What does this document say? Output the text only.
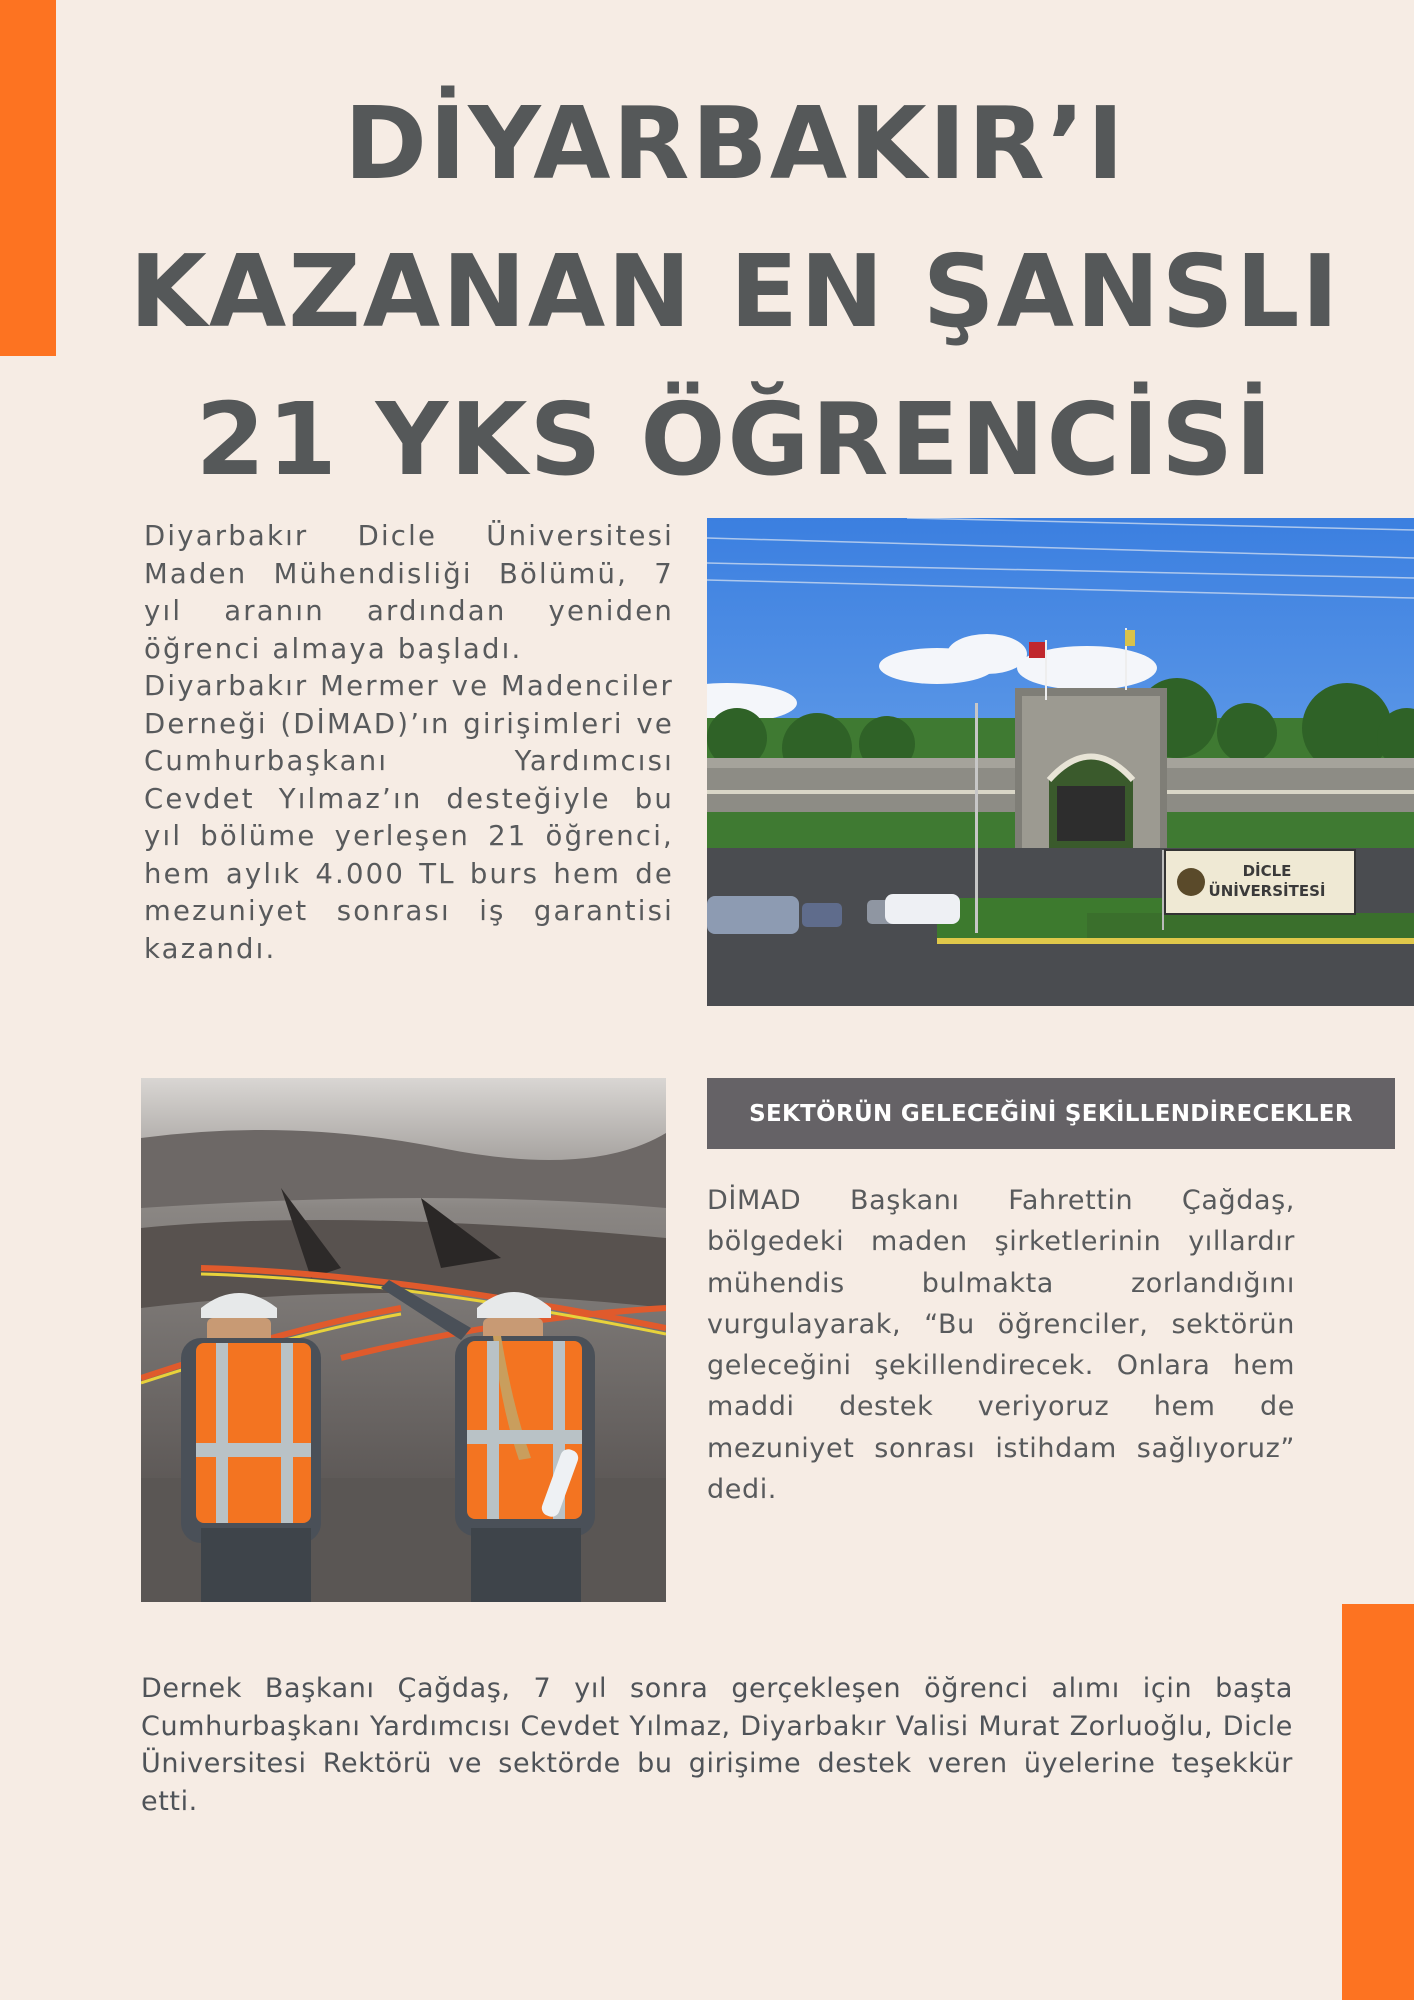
DİYARBAKIR’I
KAZANAN EN ŞANSLI
21 YKS ÖĞRENCİSİ

Diyarbakır Dicle Üniversitesi Maden Mühendisliği Bölümü, 7 yıl aranın ardından yeniden öğrenci almaya başladı.

Diyarbakır Mermer ve Madenciler Derneği (DİMAD)’ın girişimleri ve Cumhurbaşkanı Yardımcısı Cevdet Yılmaz’ın desteğiyle bu yıl bölüme yerleşen 21 öğrenci, hem aylık 4.000 TL burs hem de mezuniyet sonrası iş garantisi kazandı.

DİCLE
ÜNİVERSİTESİ
SEKTÖRÜN GELECEĞİNİ ŞEKİLLENDİRECEKLER

DİMAD Başkanı Fahrettin Çağdaş, bölgedeki maden şirketlerinin yıllardır mühendis bulmakta zorlandığını vurgulayarak, “Bu öğrenciler, sektörün geleceğini şekillendirecek. Onlara hem maddi destek veriyoruz hem de mezuniyet sonrası istihdam sağlıyoruz” dedi.

Dernek Başkanı Çağdaş, 7 yıl sonra gerçekleşen öğrenci alımı için başta Cumhurbaşkanı Yardımcısı Cevdet Yılmaz, Diyarbakır Valisi Murat Zorluoğlu, Dicle Üniversitesi Rektörü ve sektörde bu girişime destek veren üyelerine teşekkür etti.
